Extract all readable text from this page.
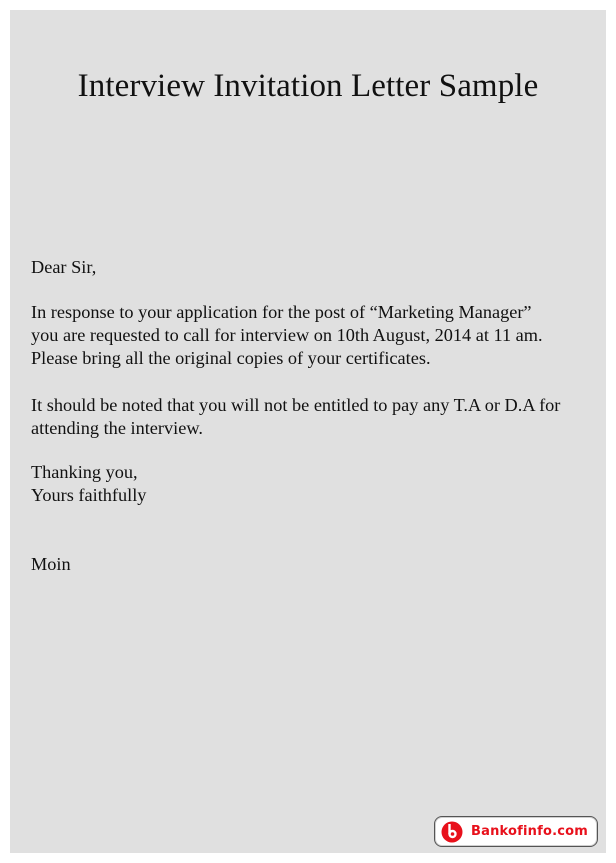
Interview Invitation Letter Sample

Dear Sir,

In response to your application for the post of “Marketing Manager”
you are requested to call for interview on 10th August, 2014 at 11 am.
Please bring all the original copies of your certificates.

It should be noted that you will not be entitled to pay any T.A or D.A for
attending the interview.

Thanking you,
Yours faithfully

Moin

Bankofinfo.com
